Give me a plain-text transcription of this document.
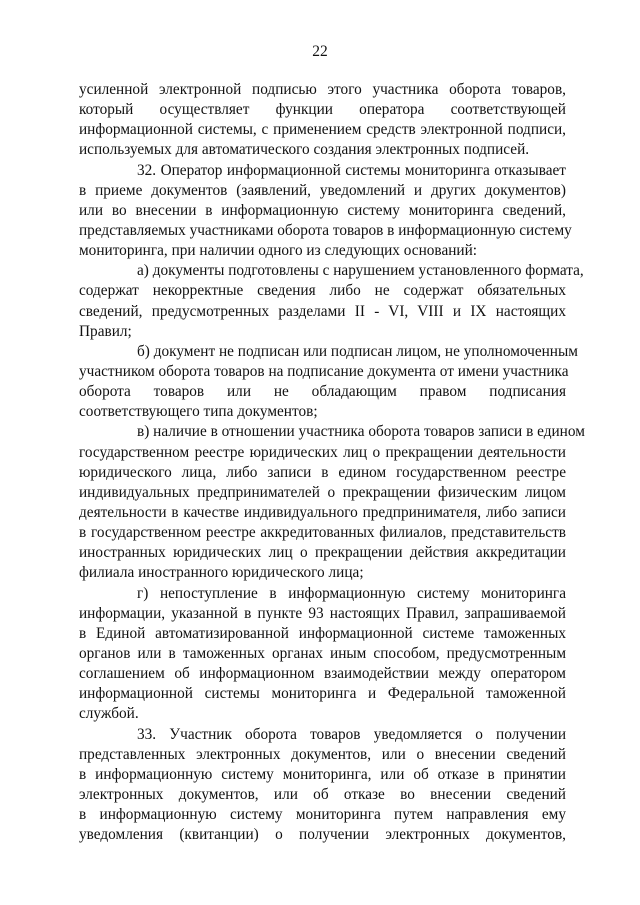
22
усиленной электронной подписью этого участника оборота товаров,
который осуществляет функции оператора соответствующей
информационной системы, с применением средств электронной подписи,
используемых для автоматического создания электронных подписей.
32. Оператор информационной системы мониторинга отказывает
в приеме документов (заявлений, уведомлений и других документов)
или во внесении в информационную систему мониторинга сведений,
представляемых участниками оборота товаров в информационную систему
мониторинга, при наличии одного из следующих оснований:
а) документы подготовлены с нарушением установленного формата,
содержат некорректные сведения либо не содержат обязательных
сведений, предусмотренных разделами II - VI, VIII и IX настоящих
Правил;
б) документ не подписан или подписан лицом, не уполномоченным
участником оборота товаров на подписание документа от имени участника
оборота товаров или не обладающим правом подписания
соответствующего типа документов;
в) наличие в отношении участника оборота товаров записи в едином
государственном реестре юридических лиц о прекращении деятельности
юридического лица, либо записи в едином государственном реестре
индивидуальных предпринимателей о прекращении физическим лицом
деятельности в качестве индивидуального предпринимателя, либо записи
в государственном реестре аккредитованных филиалов, представительств
иностранных юридических лиц о прекращении действия аккредитации
филиала иностранного юридического лица;
г) непоступление в информационную систему мониторинга
информации, указанной в пункте 93 настоящих Правил, запрашиваемой
в Единой автоматизированной информационной системе таможенных
органов или в таможенных органах иным способом, предусмотренным
соглашением об информационном взаимодействии между оператором
информационной системы мониторинга и Федеральной таможенной
службой.
33. Участник оборота товаров уведомляется о получении
представленных электронных документов, или о внесении сведений
в информационную систему мониторинга, или об отказе в принятии
электронных документов, или об отказе во внесении сведений
в информационную систему мониторинга путем направления ему
уведомления (квитанции) о получении электронных документов,
